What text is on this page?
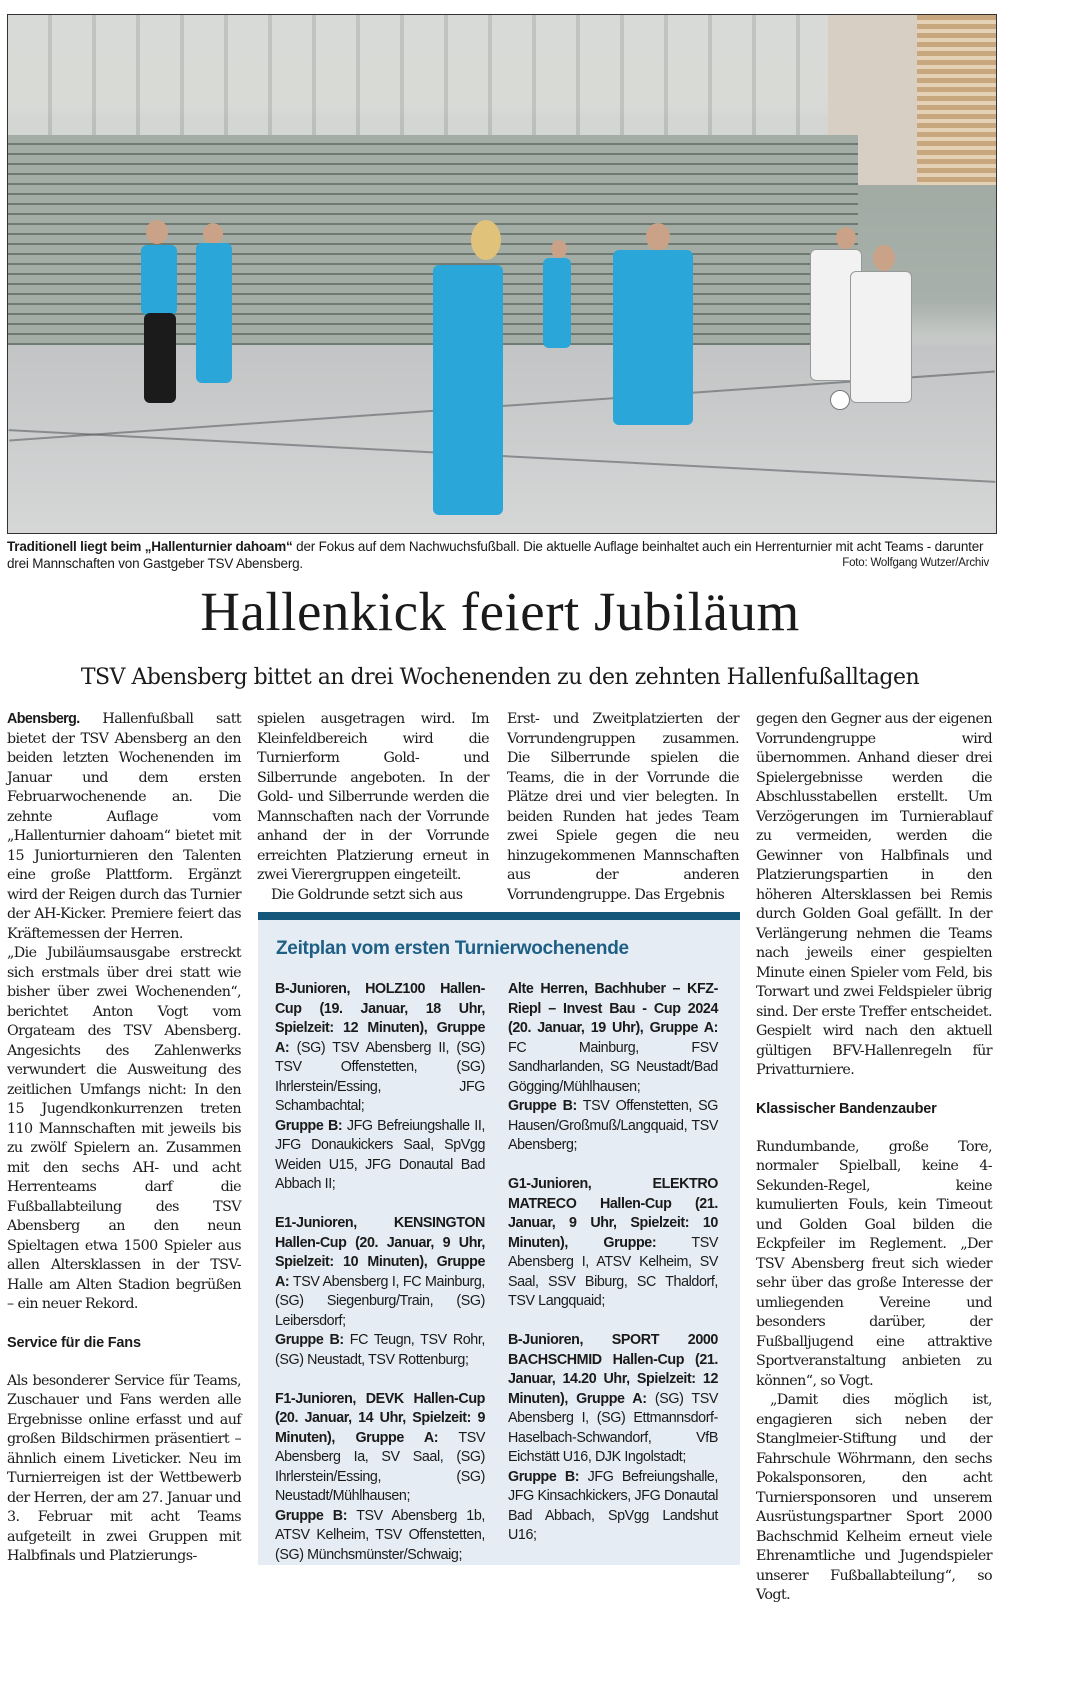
Traditionell liegt beim „Hallenturnier dahoam“ der Fokus auf dem Nachwuchsfußball. Die aktuelle Auflage beinhaltet auch ein Herrenturnier mit acht Teams - darunter drei Mannschaften von Gastgeber TSV Abensberg.	Foto: Wolfgang Wutzer/Archiv
Hallenkick feiert Jubiläum
TSV Abensberg bittet an drei Wochenenden zu den zehnten Hallenfußalltagen

Abensberg. Hallenfußball satt bietet der TSV Abensberg an den beiden letzten Wochenenden im Januar und dem ersten Februarwochenende an. Die zehnte Auflage vom „Hallenturnier dahoam“ bietet mit 15 Juniorturnieren den Talenten eine große Plattform. Ergänzt wird der Reigen durch das Turnier der AH-Kicker. Premiere feiert das Kräftemessen der Herren.

„Die Jubiläumsausgabe erstreckt sich erstmals über drei statt wie bisher über zwei Wochenenden“, berichtet Anton Vogt vom Orgateam des TSV Abensberg. Angesichts des Zahlenwerks verwundert die Ausweitung des zeitlichen Umfangs nicht: In den 15 Jugendkonkurrenzen treten 110 Mannschaften mit jeweils bis zu zwölf Spielern an. Zusammen mit den sechs AH- und acht Herrenteams darf die Fußballabteilung des TSV Abensberg an den neun Spieltagen etwa 1500 Spieler aus allen Altersklassen in der TSV-Halle am Alten Stadion begrüßen – ein neuer Rekord.

Service für die Fans

Als besonderer Service für Teams, Zuschauer und Fans werden alle Ergebnisse online erfasst und auf großen Bildschirmen präsentiert – ähnlich einem Liveticker. Neu im Turnierreigen ist der Wettbewerb der Herren, der am 27. Januar und 3. Februar mit acht Teams aufgeteilt in zwei Gruppen mit Halbfinals und Platzierungs-

spielen ausgetragen wird. Im Kleinfeldbereich wird die Turnierform Gold- und Silberrunde angeboten. In der Gold- und Silberrunde werden die Mannschaften nach der Vorrunde anhand der in der Vorrunde erreichten Platzierung erneut in zwei Vierergruppen eingeteilt.

Die Goldrunde setzt sich aus

Erst- und Zweitplatzierten der Vorrundengruppen zusammen. Die Silberrunde spielen die Teams, die in der Vorrunde die Plätze drei und vier belegten. In beiden Runden hat jedes Team zwei Spiele gegen die neu hinzugekommenen Mannschaften aus der anderen Vorrundengruppe. Das Ergebnis

gegen den Gegner aus der eigenen Vorrundengruppe wird übernommen. Anhand dieser drei Spielergebnisse werden die Abschlusstabellen erstellt. Um Verzögerungen im Turnierablauf zu vermeiden, werden die Gewinner von Halbfinals und Platzierungspartien in den höheren Altersklassen bei Remis durch Golden Goal gefällt. In der Verlängerung nehmen die Teams nach jeweils einer gespielten Minute einen Spieler vom Feld, bis Torwart und zwei Feldspieler übrig sind. Der erste Treffer entscheidet. Gespielt wird nach den aktuell gültigen BFV-Hallenregeln für Privatturniere.

Klassischer Bandenzauber

Rundumbande, große Tore, normaler Spielball, keine 4-Sekunden-Regel, keine kumulierten Fouls, kein Timeout und Golden Goal bilden die Eckpfeiler im Reglement. „Der TSV Abensberg freut sich wieder sehr über das große Interesse der umliegenden Vereine und besonders darüber, der Fußballjugend eine attraktive Sportveranstaltung anbieten zu können“, so Vogt.

„Damit dies möglich ist, engagieren sich neben der Stanglmeier-Stiftung und der Fahrschule Wöhrmann, den sechs Pokalsponsoren, den acht Turniersponsoren und unserem Ausrüstungspartner Sport 2000 Bachschmid Kelheim erneut viele Ehrenamtliche und Jugendspieler unserer Fußballabteilung“, so Vogt.

Zeitplan vom ersten Turnierwochenende
B-Junioren, HOLZ100 Hallen-Cup (19. Januar, 18 Uhr, Spielzeit: 12 Minuten), Gruppe A: (SG) TSV Abensberg II, (SG) TSV Offenstetten, (SG) Ihrlerstein/Essing, JFG Schambachtal;
Gruppe B: JFG Befreiungshalle II, JFG Donaukickers Saal, SpVgg Weiden U15, JFG Donautal Bad Abbach II;
E1-Junioren, KENSINGTON Hallen-Cup (20. Januar, 9 Uhr, Spielzeit: 10 Minuten), Gruppe A: TSV Abensberg I, FC Mainburg, (SG) Siegenburg/Train, (SG) Leibersdorf;
Gruppe B: FC Teugn, TSV Rohr, (SG) Neustadt, TSV Rottenburg;
F1-Junioren, DEVK Hallen-Cup (20. Januar, 14 Uhr, Spielzeit: 9 Minuten), Gruppe A: TSV Abensberg Ia, SV Saal, (SG) Ihrlerstein/Essing, (SG) Neustadt/Mühlhausen;
Gruppe B: TSV Abensberg 1b, ATSV Kelheim, TSV Offenstetten, (SG) Münchsmünster/Schwaig;
Alte Herren, Bachhuber – KFZ-Riepl – Invest Bau - Cup 2024 (20. Januar, 19 Uhr), Gruppe A: FC Mainburg, FSV Sandharlanden, SG Neustadt/Bad Gögging/Mühlhausen;
Gruppe B: TSV Offenstetten, SG Hausen/Großmuß/Langquaid, TSV Abensberg;
G1-Junioren, ELEKTRO MATRECO Hallen-Cup (21. Januar, 9 Uhr, Spielzeit: 10 Minuten), Gruppe: TSV Abensberg I, ATSV Kelheim, SV Saal, SSV Biburg, SC Thaldorf, TSV Langquaid;
B-Junioren, SPORT 2000 BACHSCHMID Hallen-Cup (21. Januar, 14.20 Uhr, Spielzeit: 12 Minuten), Gruppe A: (SG) TSV Abensberg I, (SG) Ettmannsdorf-Haselbach-Schwandorf, VfB Eichstätt U16, DJK Ingolstadt;
Gruppe B: JFG Befreiungshalle, JFG Kinsachkickers, JFG Donautal Bad Abbach, SpVgg Landshut U16;
